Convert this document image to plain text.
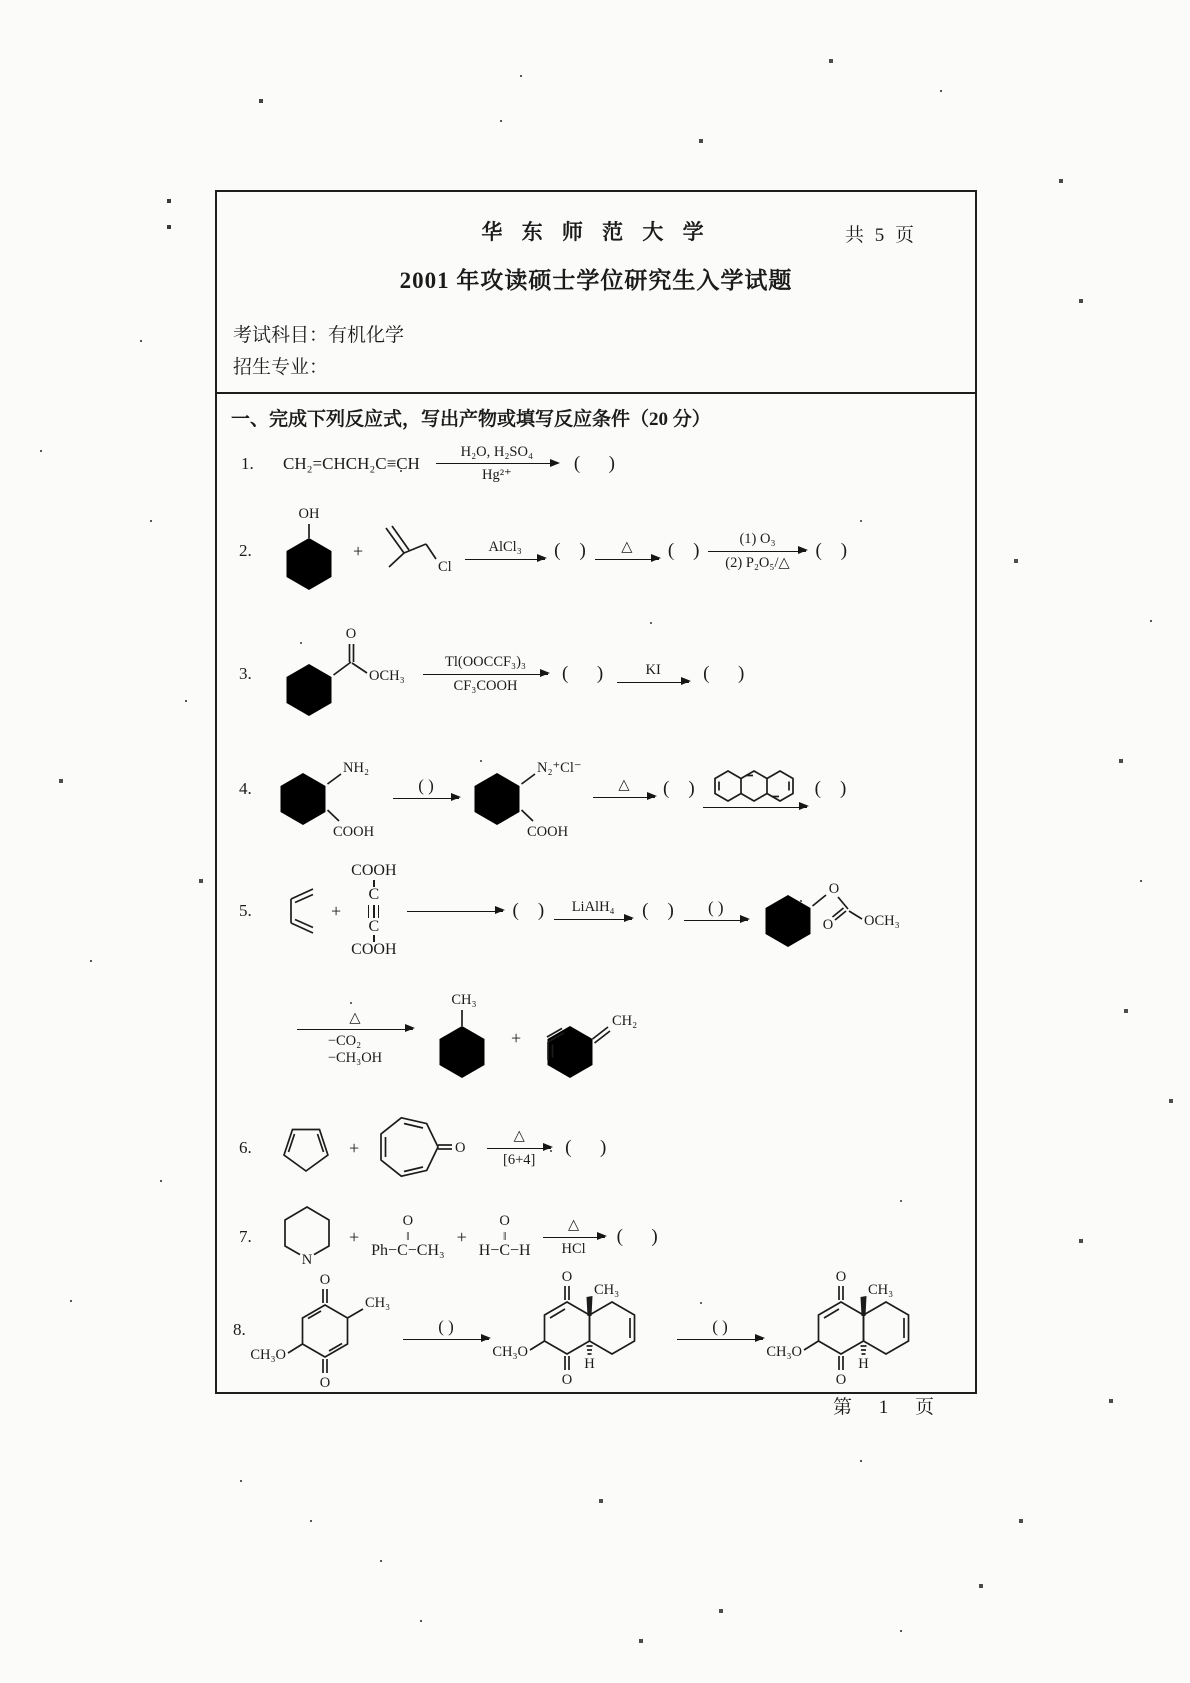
华 东 师 范 大 学	共 5 页
2001 年攻读硕士学位研究生入学试题
考试科目：有机化学
招生专业：
一、完成下列反应式，写出产物或填写反应条件（20 分）
1.	CH₂=CHCH₂C≡CH
H₂O, H₂SO₄
Hg²⁺
(      )
2.
OH
+
Cl
AlCl₃ (    ) △ (    )
(1) O₃
(2) P₂O₅/△
(    )
3.
O
OCH₃
Tl(OOCCF₃)₃
CF₃COOH
(      )	KI (      )
4.
NH₂
COOH
( )
N₂⁺Cl⁻
COOH
△ (    )	(    )
5.	+
COOH
C
C
COOH
(    ) LiAlH₄ (    ) ( )
O
O OCH₃
△
−CO₂
−CH₃OH
CH₃
+
CH₂
6.	+	O
△
[6+4]
(      )
7.
N
+
O
‖
Ph−C−CH₃
+
O
‖
H−C−H
△
HCl
(      )
8.
O
O
CH₃
CH₃O
( )
O
O
CH₃O
CH₃
H
( )
O
O
CH₃O
CH₃
H
第 1 页
